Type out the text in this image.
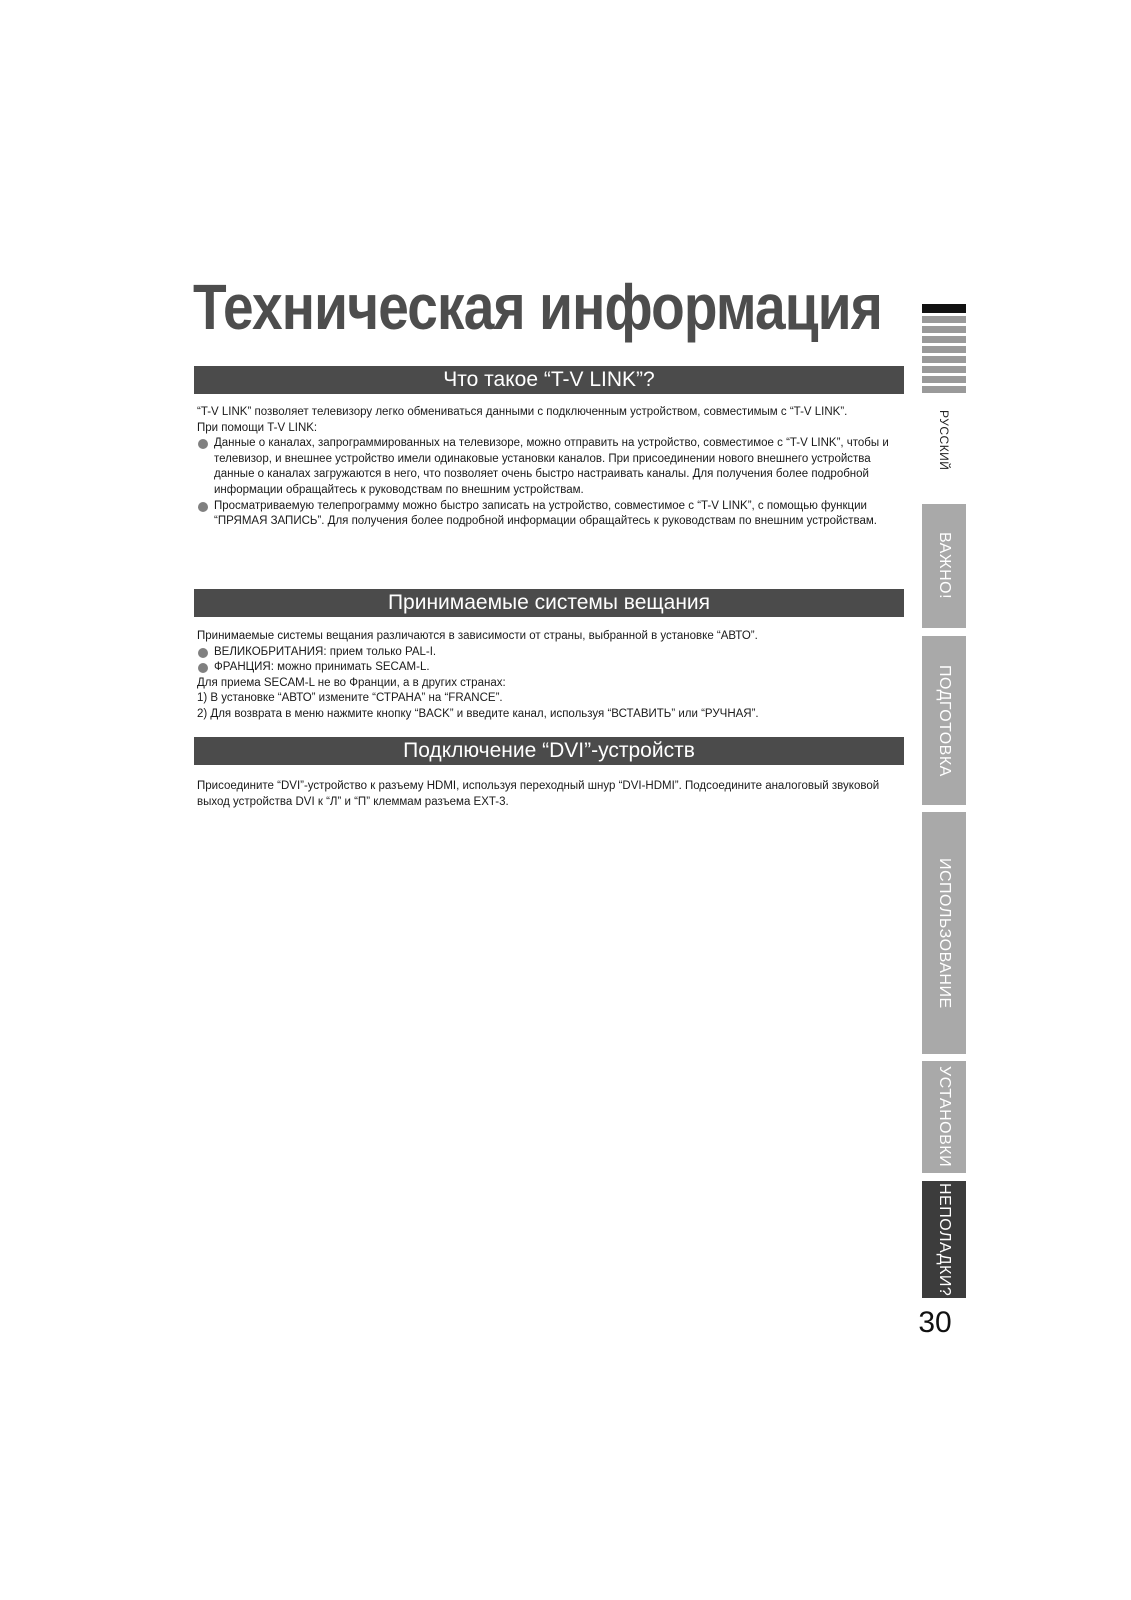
Техническая информация
Что такое “T-V LINK”?

“T-V LINK” позволяет телевизору легко обмениваться данными с подключенным устройством, совместимым с “T-V LINK”.

При помощи T-V LINK:

Данные о каналах, запрограммированных на телевизоре, можно отправить на устройство, совместимое с “T-V LINK”, чтобы и телевизор, и внешнее устройство имели одинаковые установки каналов. При присоединении нового внешнего устройства данные о каналах загружаются в него, что позволяет очень быстро настраивать каналы. Для получения более подробной информации обращайтесь к руководствам по внешним устройствам.
Просматриваемую телепрограмму можно быстро записать на устройство, совместимое с “T-V LINK”, с помощью функции “ПРЯМАЯ ЗАПИСЬ”. Для получения более подробной информации обращайтесь к руководствам по внешним устройствам.
Принимаемые системы вещания

Принимаемые системы вещания различаются в зависимости от страны, выбранной в установке “АВТО”.

ВЕЛИКОБРИТАНИЯ: прием только PAL-I.
ФРАНЦИЯ: можно принимать SECAM-L.

Для приема SECAM-L не во Франции, а в других странах:

1) В установке “АВТО” измените “СТРАНА” на “FRANCE”.

2) Для возврата в меню нажмите кнопку “BACK” и введите канал, используя “ВСТАВИТЬ” или “РУЧНАЯ”.

Подключение “DVI”-устройств

Присоедините “DVI”-устройство к разъему HDMI, используя переходный шнур “DVI-HDMI”. Подсоедините аналоговый звуковой выход устройства DVI к “Л” и “П” клеммам разъема EXT-3.

РУССКИЙ
ВАЖНО!
ПОДГОТОВКА
ИСПОЛЬЗОВАНИЕ
УСТАНОВКИ
НЕПОЛАДКИ?
30
